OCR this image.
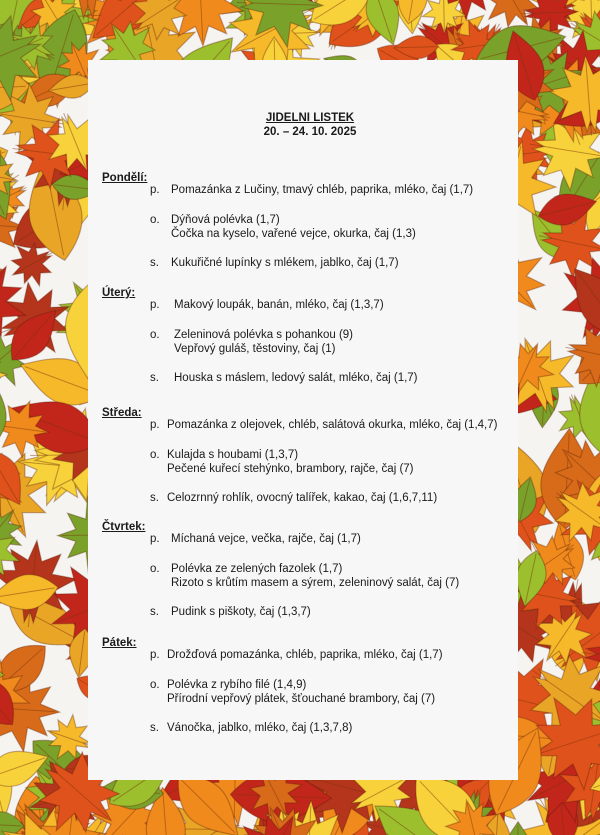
JIDELNI LISTEK
20. – 24. 10. 2025
Pondělí:
p. Pomazánka z Lučiny, tmavý chléb, paprika, mléko, čaj (1,7)
o. Dýňová polévka (1,7)
Čočka na kyselo, vařené vejce, okurka, čaj (1,3)
s. Kukuřičné lupínky s mlékem, jablko, čaj (1,7)
Úterý:
p. Makový loupák, banán, mléko, čaj (1,3,7)
o. Zeleninová polévka s pohankou (9)
Vepřový guláš, těstoviny, čaj (1)
s. Houska s máslem, ledový salát, mléko, čaj (1,7)
Středa:
p. Pomazánka z olejovek, chléb, salátová okurka, mléko, čaj (1,4,7)
o. Kulajda s houbami (1,3,7)
Pečené kuřecí stehýnko, brambory, rajče, čaj (7)
s. Celozrnný rohlík, ovocný talířek, kakao, čaj (1,6,7,11)
Čtvrtek:
p. Míchaná vejce, večka, rajče, čaj (1,7)
o. Polévka ze zelených fazolek (1,7)
Rizoto s krůtím masem a sýrem, zeleninový salát, čaj (7)
s. Pudink s piškoty, čaj (1,3,7)
Pátek:
p. Drožďová pomazánka, chléb, paprika, mléko, čaj (1,7)
o. Polévka z rybího filé (1,4,9)
Přírodní vepřový plátek, šťouchané brambory, čaj (7)
s. Vánočka, jablko, mléko, čaj (1,3,7,8)
